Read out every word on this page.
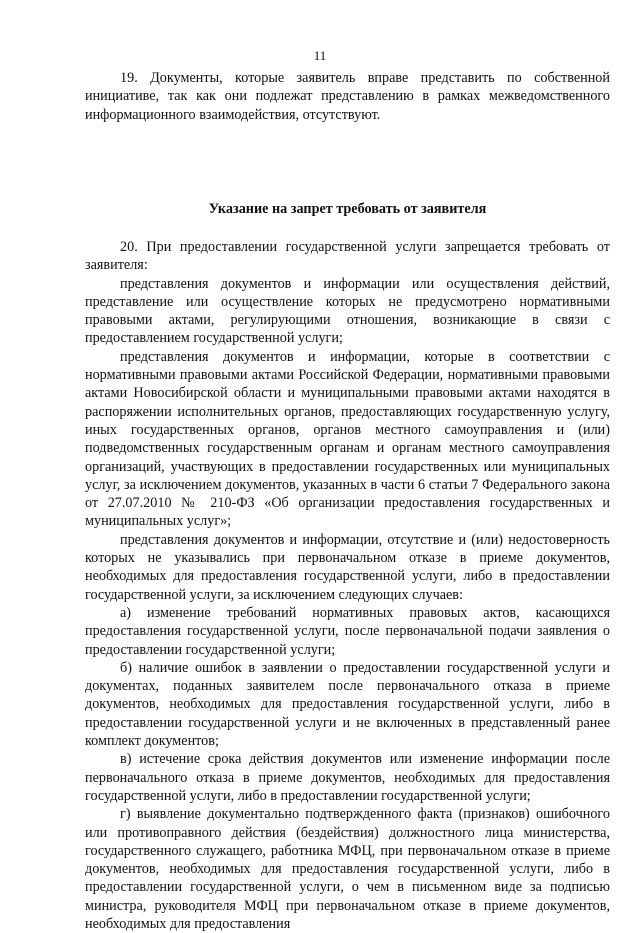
11

19. Документы, которые заявитель вправе представить по собственной инициативе, так как они подлежат представлению в рамках межведомственного информационного взаимодействия, отсутствуют.

Указание на запрет требовать от заявителя

20. При предоставлении государственной услуги запрещается требовать от заявителя:

представления документов и информации или осуществления действий, представление или осуществление которых не предусмотрено нормативными правовыми актами, регулирующими отношения, возникающие в связи с предоставлением государственной услуги;

представления документов и информации, которые в соответствии с нормативными правовыми актами Российской Федерации, нормативными правовыми актами Новосибирской области и муниципальными правовыми актами находятся в распоряжении исполнительных органов, предоставляющих государственную услугу, иных государственных органов, органов местного самоуправления и (или) подведомственных государственным органам и органам местного самоуправления организаций, участвующих в предоставлении государственных или муниципальных услуг, за исключением документов, указанных в части 6 статьи 7 Федерального закона от 27.07.2010 № 210-ФЗ «Об организации предоставления государственных и муниципальных услуг»;

представления документов и информации, отсутствие и (или) недостоверность которых не указывались при первоначальном отказе в приеме документов, необходимых для предоставления государственной услуги, либо в предоставлении государственной услуги, за исключением следующих случаев:

а) изменение требований нормативных правовых актов, касающихся предоставления государственной услуги, после первоначальной подачи заявления о предоставлении государственной услуги;

б) наличие ошибок в заявлении о предоставлении государственной услуги и документах, поданных заявителем после первоначального отказа в приеме документов, необходимых для предоставления государственной услуги, либо в предоставлении государственной услуги и не включенных в представленный ранее комплект документов;

в) истечение срока действия документов или изменение информации после первоначального отказа в приеме документов, необходимых для предоставления государственной услуги, либо в предоставлении государственной услуги;

г) выявление документально подтвержденного факта (признаков) ошибочного или противоправного действия (бездействия) должностного лица министерства, государственного служащего, работника МФЦ, при первоначальном отказе в приеме документов, необходимых для предоставления государственной услуги, либо в предоставлении государственной услуги, о чем в письменном виде за подписью министра, руководителя МФЦ при первоначальном отказе в приеме документов, необходимых для предоставления
